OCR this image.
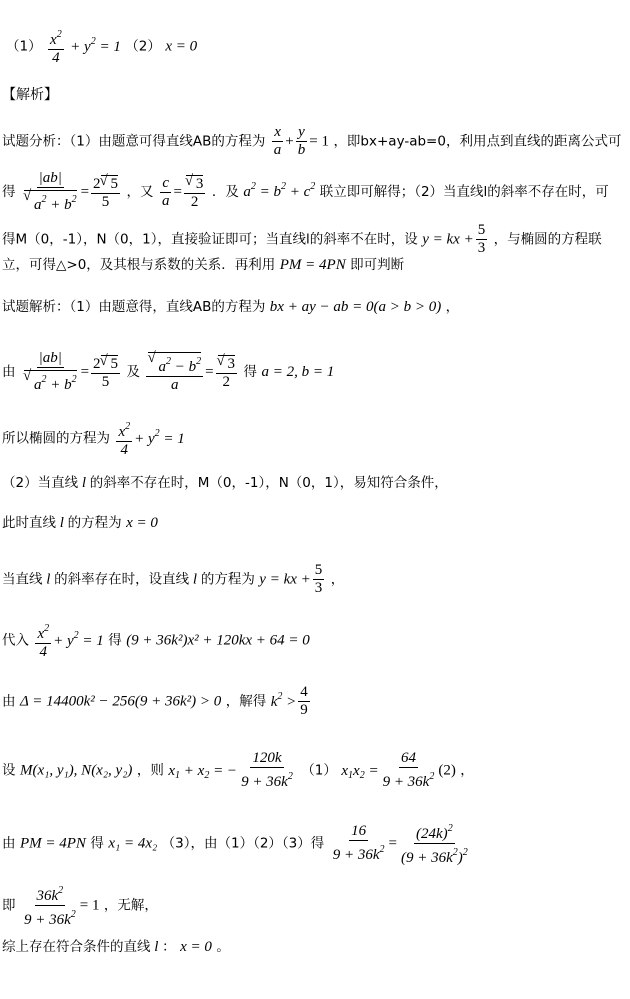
$(1) \frac{x^2}{4} + y^2 = 1$ （2） x = 0
【解析】
试题分析：（1）由题意可得直线AB的方程为 $\frac{x}{a} + \frac{y}{b} = 1$ ，即bx+ay-ab=0，利用点到直线的距离公式可
得 |ab|
√ $a^2 + b^2 = \frac{2 √ 5}{5}$ ，又 $\frac{c}{a}$ = √ $\frac{3}{2}$ ．及 $a^2 = b^2 + c^2$ 联立即可解得；（2）当直线l的斜率不存在时，可
得M（0，-1），N（0，1），直接验证即可；当直线l的斜率不在时，设 y = kx + $\frac{5}{3}$ ，与椭圆的方程联
立，可得△>0，及其根与系数的关系．再利用 PM = 4PN 即可判断
试题解析：（1）由题意得，直线AB的方程为 bx + ay − ab = 0(a > b > 0) ，
由 |ab|
√ $a^2 + b^2 = \frac{2 √ 5}{5}$ 及 √ $\frac{a^2 - b^2}{a}$ = √ $\frac{3}{2}$ 得 a = 2, b = 1
所以椭圆的方程为 $\frac{x^2}{4} + y^2 = 1$
（2）当直线 l 的斜率不存在时，M（0，-1），N（0，1），易知符合条件，
此时直线 l 的方程为 x = 0
当直线 l 的斜率存在时，设直线 l 的方程为 y = kx + $\frac{5}{3}$ ，
代入 $\frac{x^2}{4} + y^2 = 1$ 得 (9 + 36k²)x² + 120kx + 64 = 0
由 Δ = 14400k² − 256(9 + 36k²) > 0 ，解得 $k^2 > \frac{4}{9}$
设 M(x₁, y₁), N(x₂, y₂) ，则 $x_1 + x_2$ = − $\frac{120k}{9 + 36k^2} (1) x_1x_2 = \frac{64}{9 + 36k^2} (2)$ ，
由 PM = 4PN 得 x₁ = 4x₂ （3），由（1）（2）（3）得 $\frac{16}{9 + 36k^2} = \frac{(24k)^2}{(9 + 36k^2)^2}$
即 $\frac{36k^2}{9 + 36k^2} = 1$ ，无解，
综上存在符合条件的直线 l ： x = 0 。
